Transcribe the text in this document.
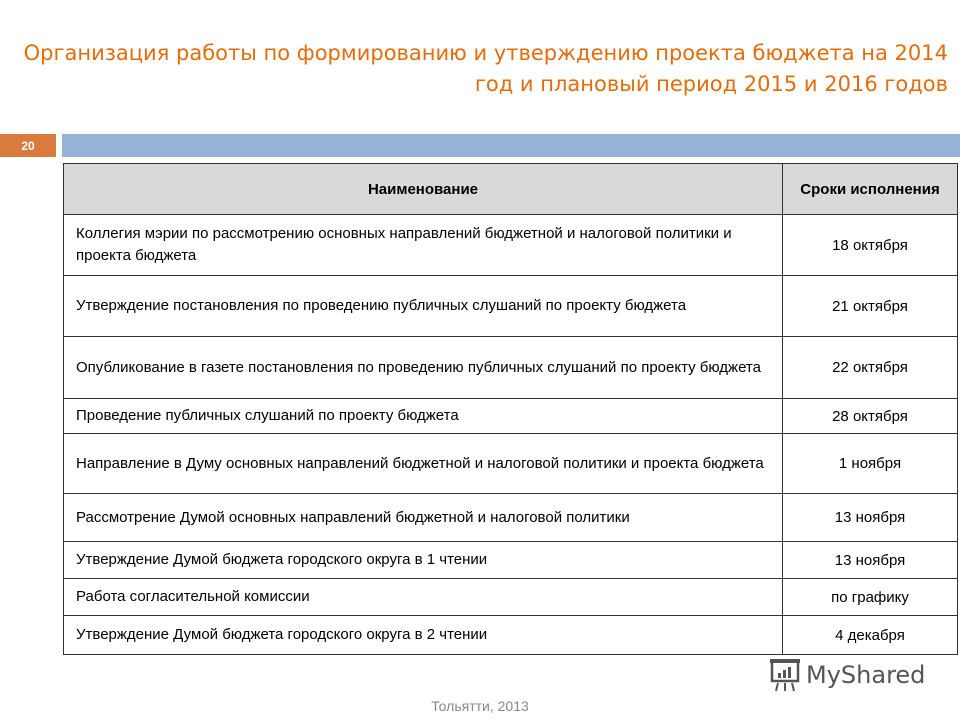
Организация работы по формированию и утверждению проекта бюджета на 2014 год и плановый период 2015 и 2016 годов
20
Наименование	Сроки исполнения
Коллегия мэрии по рассмотрению основных направлений бюджетной и налоговой политики и проекта бюджета	18 октября
Утверждение постановления по проведению публичных слушаний по проекту бюджета	21 октября
Опубликование в газете постановления по проведению публичных слушаний по проекту бюджета	22 октября
Проведение публичных слушаний по проекту бюджета	28 октября
Направление в Думу основных направлений бюджетной и налоговой политики и проекта бюджета	1 ноября
Рассмотрение Думой основных направлений бюджетной и налоговой политики	13 ноября
Утверждение Думой бюджета городского округа в 1 чтении	13 ноября
Работа согласительной комиссии	по графику
Утверждение Думой бюджета городского округа в 2 чтении	4 декабря
MyShared
Тольятти, 2013
